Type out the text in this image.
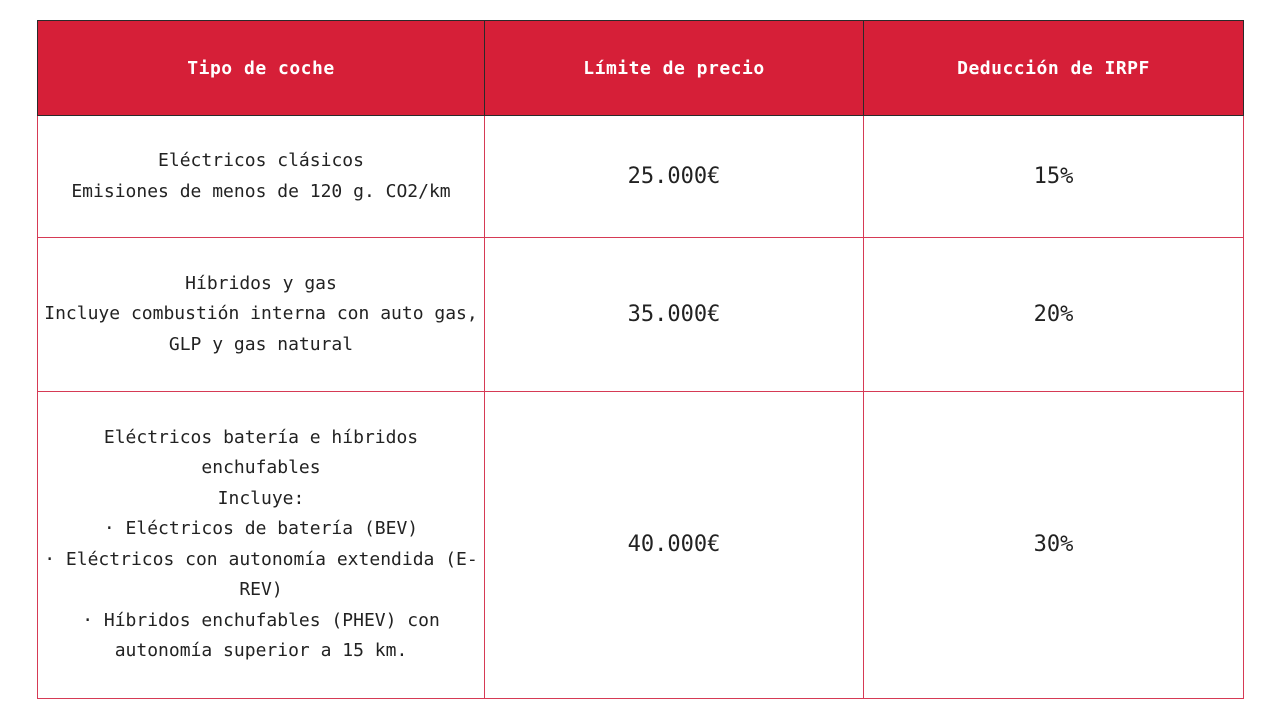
Tipo de coche	Límite de precio	Deducción de IRPF

Eléctricos clásicos
Emisiones de menos de 120 g. CO2/km	25.000€	15%

Híbridos y gas
Incluye combustión interna con auto gas, GLP y gas natural	35.000€	20%

Eléctricos batería e híbridos enchufables
Incluye:
· Eléctricos de batería (BEV)
· Eléctricos con autonomía extendida (E-REV)
· Híbridos enchufables (PHEV) con autonomía superior a 15 km.	40.000€	30%
